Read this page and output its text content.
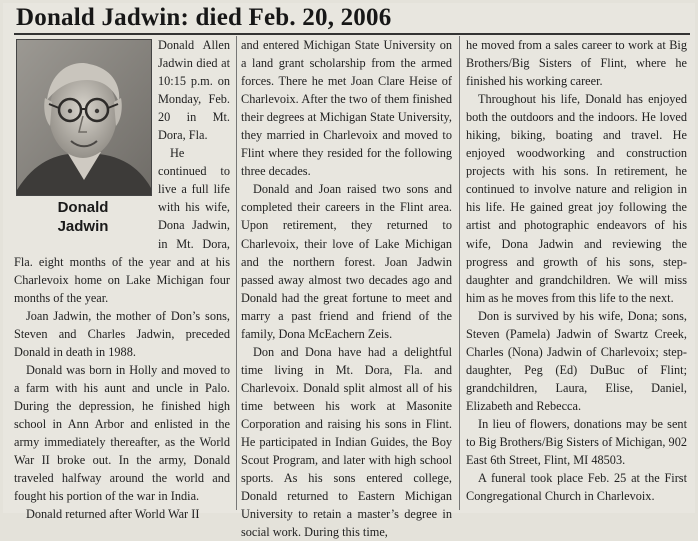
Donald Jadwin: died Feb. 20, 2006
Donald
Jadwin

Donald Allen Jadwin died at 10:15 p.m. on Monday, Feb. 20 in Mt. Dora, Fla.

He continued to live a full life with his wife, Dona Jadwin, in Mt. Dora, Fla. eight months of the year and at his Charlevoix home on Lake Michigan four months of the year.

Joan Jadwin, the mother of Don’s sons, Steven and Charles Jadwin, preceded Donald in death in 1988.

Donald was born in Holly and moved to a farm with his aunt and uncle in Palo. During the depression, he finished high school in Ann Arbor and enlisted in the army immediately thereafter, as the World War II broke out. In the army, Donald traveled halfway around the world and fought his portion of the war in India.

Donald returned after World War II

and entered Michigan State University on a land grant scholarship from the armed forces. There he met Joan Clare Heise of Charlevoix. After the two of them finished their degrees at Michigan State University, they married in Charlevoix and moved to Flint where they resided for the following three decades.

Donald and Joan raised two sons and completed their careers in the Flint area. Upon retirement, they returned to Charlevoix, their love of Lake Michigan and the northern forest. Joan Jadwin passed away almost two decades ago and Donald had the great fortune to meet and marry a past friend and friend of the family, Dona McEachern Zeis.

Don and Dona have had a delightful time living in Mt. Dora, Fla. and Charlevoix. Donald split almost all of his time between his work at Masonite Corporation and raising his sons in Flint. He participated in Indian Guides, the Boy Scout Program, and later with high school sports. As his sons entered college, Donald returned to Eastern Michigan University to retain a master’s degree in social work. During this time,

he moved from a sales career to work at Big Brothers/Big Sisters of Flint, where he finished his working career.

Throughout his life, Donald has enjoyed both the outdoors and the indoors. He loved hiking, biking, boating and travel. He enjoyed woodworking and construction projects with his sons. In retirement, he continued to involve nature and religion in his life. He gained great joy following the artist and photographic endeavors of his wife, Dona Jadwin and reviewing the progress and growth of his sons, step-daughter and grandchildren. We will miss him as he moves from this life to the next.

Don is survived by his wife, Dona; sons, Steven (Pamela) Jadwin of Swartz Creek, Charles (Nona) Jadwin of Charlevoix; step-daughter, Peg (Ed) DuBuc of Flint; grandchildren, Laura, Elise, Daniel, Elizabeth and Rebecca.

In lieu of flowers, donations may be sent to Big Brothers/Big Sisters of Michigan, 902 East 6th Street, Flint, MI 48503.

A funeral took place Feb. 25 at the First Congregational Church in Charlevoix.
